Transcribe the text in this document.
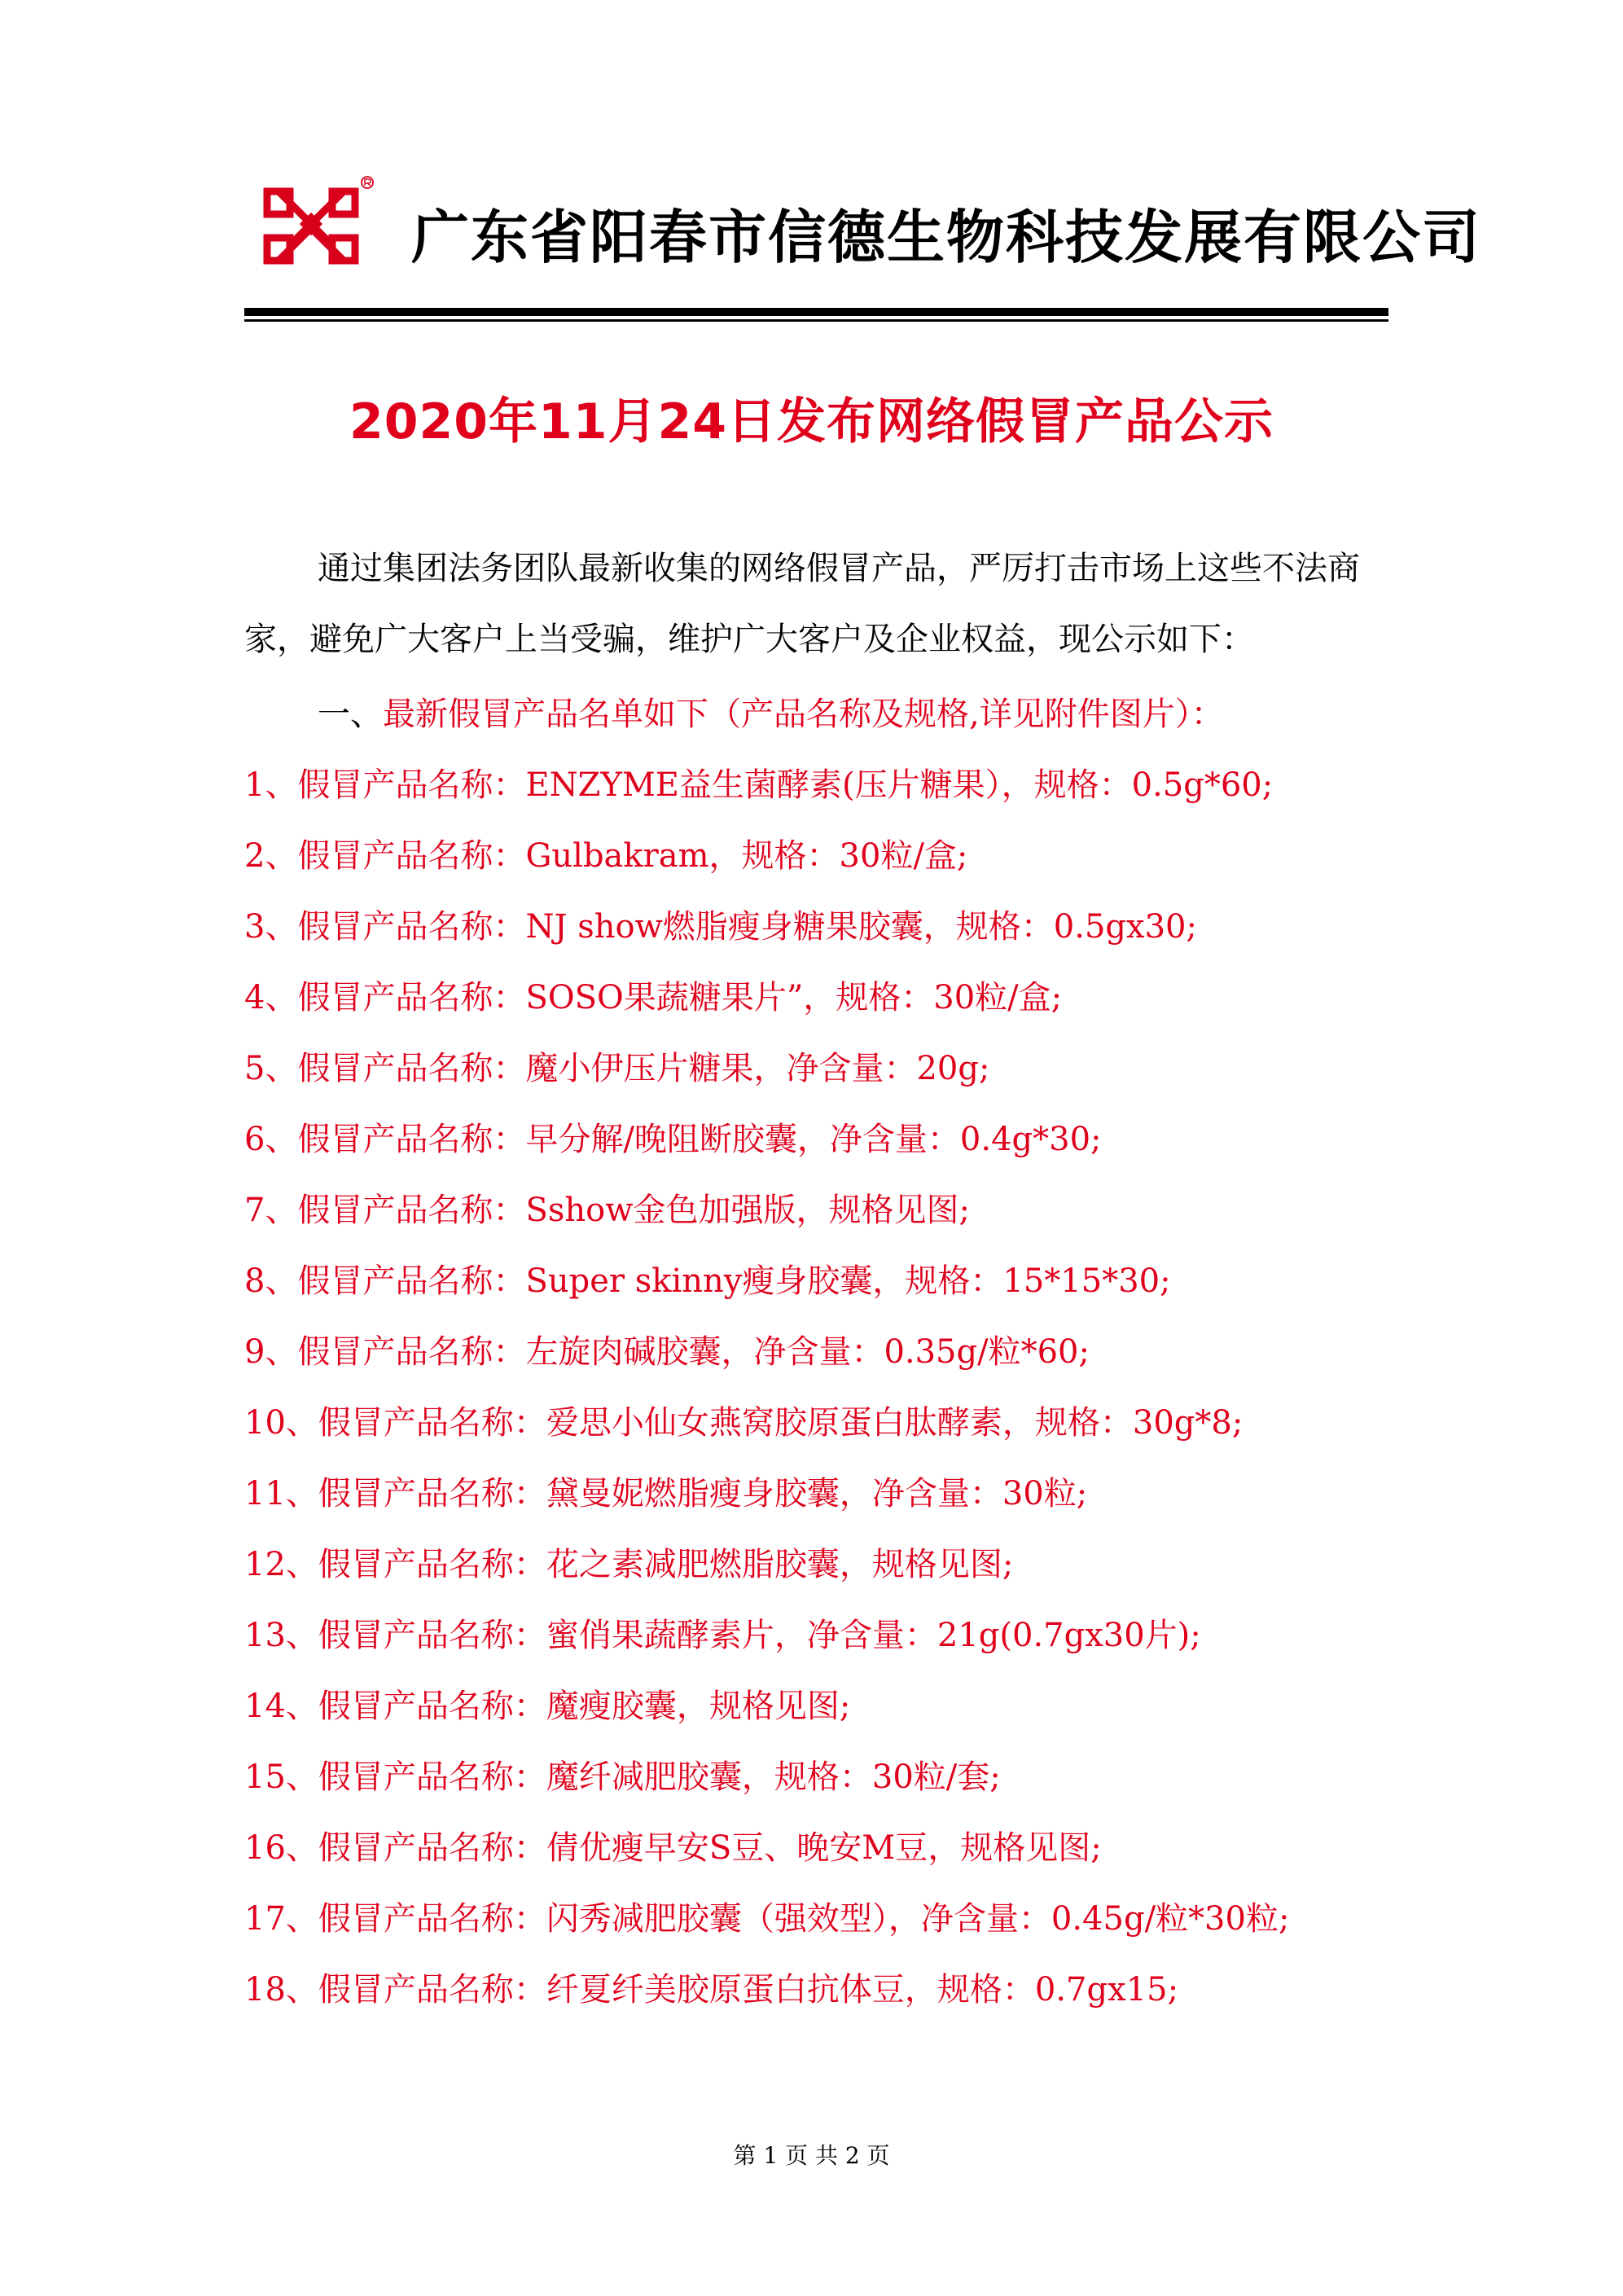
广东省阳春市信德生物科技发展有限公司
2020年11月24日发布网络假冒产品公示
通过集团法务团队最新收集的网络假冒产品，严厉打击市场上这些不法商家，避免广大客户上当受骗，维护广大客户及企业权益，现公示如下：
一、最新假冒产品名单如下（产品名称及规格,详见附件图片）：
1、假冒产品名称：ENZYME益生菌酵素(压片糖果），规格：0.5g*60;
2、假冒产品名称：Gulbakram，规格：30粒/盒;
3、假冒产品名称：NJ show燃脂瘦身糖果胶囊，规格：0.5gx30;
4、假冒产品名称：SOSO果蔬糖果片”，规格：30粒/盒;
5、假冒产品名称：魔小伊压片糖果，净含量：20g;
6、假冒产品名称：早分解/晚阻断胶囊，净含量：0.4g*30;
7、假冒产品名称：Sshow金色加强版，规格见图;
8、假冒产品名称：Super skinny瘦身胶囊，规格：15*15*30;
9、假冒产品名称：左旋肉碱胶囊，净含量：0.35g/粒*60;
10、假冒产品名称：爱思小仙女燕窝胶原蛋白肽酵素，规格：30g*8;
11、假冒产品名称：黛曼妮燃脂瘦身胶囊，净含量：30粒;
12、假冒产品名称：花之素减肥燃脂胶囊，规格见图;
13、假冒产品名称：蜜俏果蔬酵素片，净含量：21g(0.7gx30片);
14、假冒产品名称：魔瘦胶囊，规格见图;
15、假冒产品名称：魔纤减肥胶囊，规格：30粒/套;
16、假冒产品名称：倩优瘦早安S豆、晚安M豆，规格见图;
17、假冒产品名称：闪秀减肥胶囊（强效型），净含量：0.45g/粒*30粒;
18、假冒产品名称：纤夏纤美胶原蛋白抗体豆，规格：0.7gx15;
第 1 页 共 2 页
